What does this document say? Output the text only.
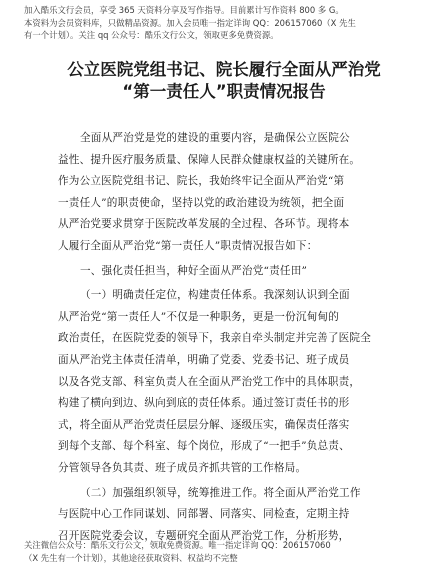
加入酷乐文行会员，享受 365 天资料分享及写作指导。目前累计写作资料 800 多 G。
本资料为会员资料库，只做精品资源。加入会员唯一指定详询 QQ：206157060（X 先生
有一个计划）。关注 qq 公众号：酷乐文行公文，领取更多免费资源。
公立医院党组书记、院长履行全面从严治党
“第一责任人”职责情况报告
全面从严治党是党的建设的重要内容，是确保公立医院公
益性、提升医疗服务质量、保障人民群众健康权益的关键所在。
作为公立医院党组书记、院长，我始终牢记全面从严治党“第
一责任人”的职责使命，坚持以党的政治建设为统领，把全面
从严治党要求贯穿于医院改革发展的全过程、各环节。现将本
人履行全面从严治党“第一责任人”职责情况报告如下：
一、强化责任担当，种好全面从严治党“责任田”
（一）明确责任定位，构建责任体系。我深刻认识到全面
从严治党“第一责任人”不仅是一种职务，更是一份沉甸甸的
政治责任，在医院党委的领导下，我亲自牵头制定并完善了医院全
面从严治党主体责任清单，明确了党委、党委书记、班子成员
以及各党支部、科室负责人在全面从严治党工作中的具体职责，
构建了横向到边、纵向到底的责任体系。通过签订责任书的形
式，将全面从严治党责任层层分解、逐级压实，确保责任落实
到每个支部、每个科室、每个岗位，形成了“一把手”负总责、
分管领导各负其责、班子成员齐抓共管的工作格局。
（二）加强组织领导，统筹推进工作。将全面从严治党工作
与医院中心工作同谋划、同部署、同落实、同检查，定期主持
召开医院党委会议，专题研究全面从严治党工作，分析形势，
关注微信公众号：酷乐文行公文，领取免费资源。唯一指定详询 QQ：206157060
（X 先生有一个计划），其他途径获取资料、权益均不完整
